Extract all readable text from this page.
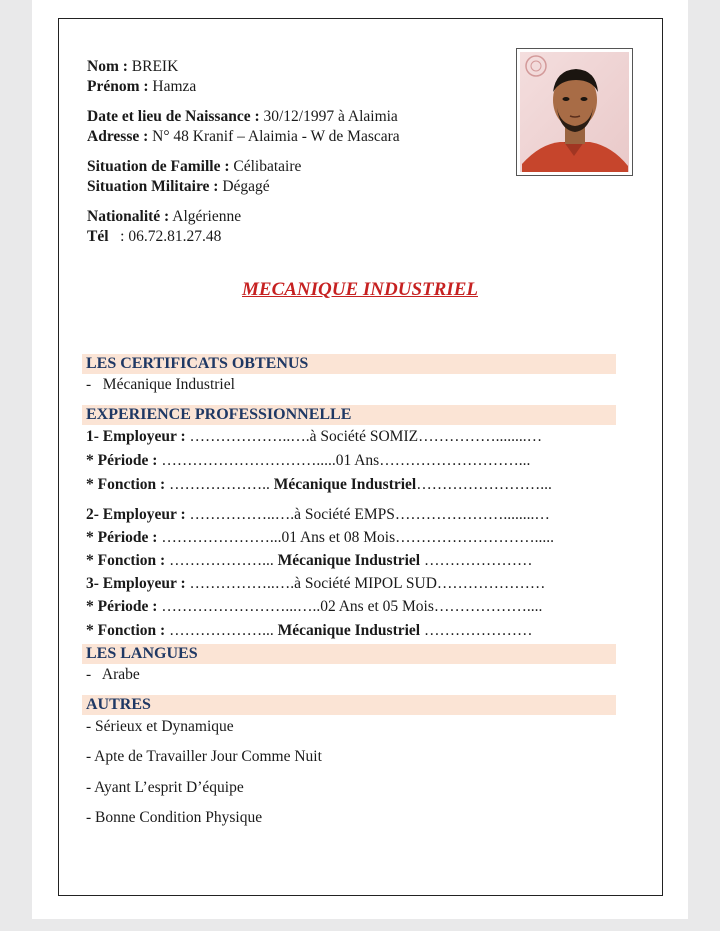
Nom : BREIK
Prénom : Hamza
Date et lieu de Naissance : 30/12/1997 à Alaimia
Adresse : N° 48 Kranif – Alaimia - W de Mascara
Situation de Famille : Célibataire
Situation Militaire : Dégagé
Nationalité : Algérienne
Tél   : 06.72.81.27.48
MECANIQUE INDUSTRIEL
LES CERTIFICATS OBTENUS
-   Mécanique Industriel
EXPERIENCE PROFESSIONNELLE
1- Employeur : ………………..….à Société SOMIZ……………........…
* Période : ………………………….....01 Ans………………………...
* Fonction : ……………….. Mécanique Industriel……………………...
2- Employeur : ……………..….à Société EMPS…………………........…
* Période : …………………...01 Ans et 08 Mois……………………….....
* Fonction : ………………... Mécanique Industriel …………………
3- Employeur : ……………..….à Société MIPOL SUD…………………
* Période : ……………………...…..02 Ans et 05 Mois………………....
* Fonction : ………………... Mécanique Industriel …………………
LES LANGUES
-   Arabe
AUTRES
- Sérieux et Dynamique
- Apte de Travailler Jour Comme Nuit
- Ayant L’esprit D’équipe
- Bonne Condition Physique
